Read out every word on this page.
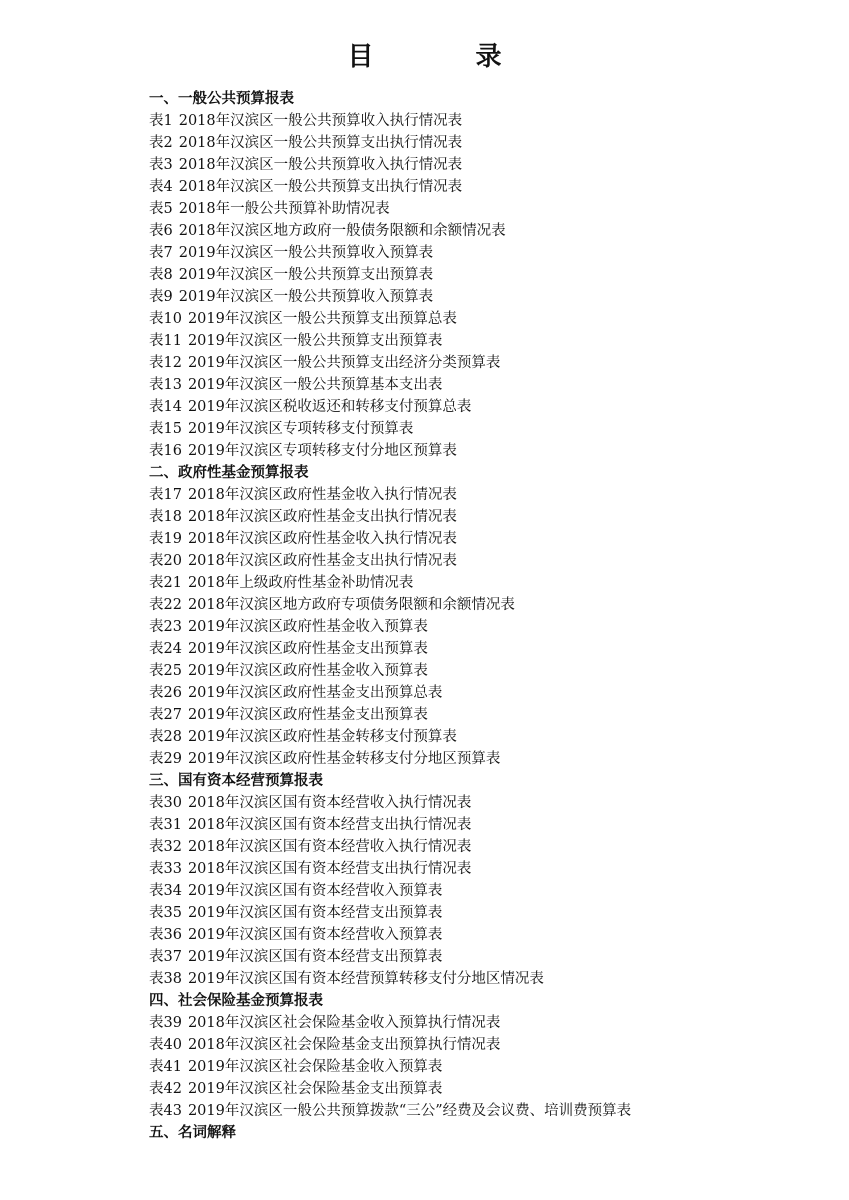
目　录
一、一般公共预算报表
表1 2018年汉滨区一般公共预算收入执行情况表
表2 2018年汉滨区一般公共预算支出执行情况表
表3 2018年汉滨区一般公共预算收入执行情况表
表4 2018年汉滨区一般公共预算支出执行情况表
表5 2018年一般公共预算补助情况表
表6 2018年汉滨区地方政府一般债务限额和余额情况表
表7 2019年汉滨区一般公共预算收入预算表
表8 2019年汉滨区一般公共预算支出预算表
表9 2019年汉滨区一般公共预算收入预算表
表10 2019年汉滨区一般公共预算支出预算总表
表11 2019年汉滨区一般公共预算支出预算表
表12 2019年汉滨区一般公共预算支出经济分类预算表
表13 2019年汉滨区一般公共预算基本支出表
表14 2019年汉滨区税收返还和转移支付预算总表
表15 2019年汉滨区专项转移支付预算表
表16 2019年汉滨区专项转移支付分地区预算表
二、政府性基金预算报表
表17 2018年汉滨区政府性基金收入执行情况表
表18 2018年汉滨区政府性基金支出执行情况表
表19 2018年汉滨区政府性基金收入执行情况表
表20 2018年汉滨区政府性基金支出执行情况表
表21 2018年上级政府性基金补助情况表
表22 2018年汉滨区地方政府专项债务限额和余额情况表
表23 2019年汉滨区政府性基金收入预算表
表24 2019年汉滨区政府性基金支出预算表
表25 2019年汉滨区政府性基金收入预算表
表26 2019年汉滨区政府性基金支出预算总表
表27 2019年汉滨区政府性基金支出预算表
表28 2019年汉滨区政府性基金转移支付预算表
表29 2019年汉滨区政府性基金转移支付分地区预算表
三、国有资本经营预算报表
表30 2018年汉滨区国有资本经营收入执行情况表
表31 2018年汉滨区国有资本经营支出执行情况表
表32 2018年汉滨区国有资本经营收入执行情况表
表33 2018年汉滨区国有资本经营支出执行情况表
表34 2019年汉滨区国有资本经营收入预算表
表35 2019年汉滨区国有资本经营支出预算表
表36 2019年汉滨区国有资本经营收入预算表
表37 2019年汉滨区国有资本经营支出预算表
表38 2019年汉滨区国有资本经营预算转移支付分地区情况表
四、社会保险基金预算报表
表39 2018年汉滨区社会保险基金收入预算执行情况表
表40 2018年汉滨区社会保险基金支出预算执行情况表
表41 2019年汉滨区社会保险基金收入预算表
表42 2019年汉滨区社会保险基金支出预算表
表43 2019年汉滨区一般公共预算拨款“三公”经费及会议费、培训费预算表
五、名词解释
